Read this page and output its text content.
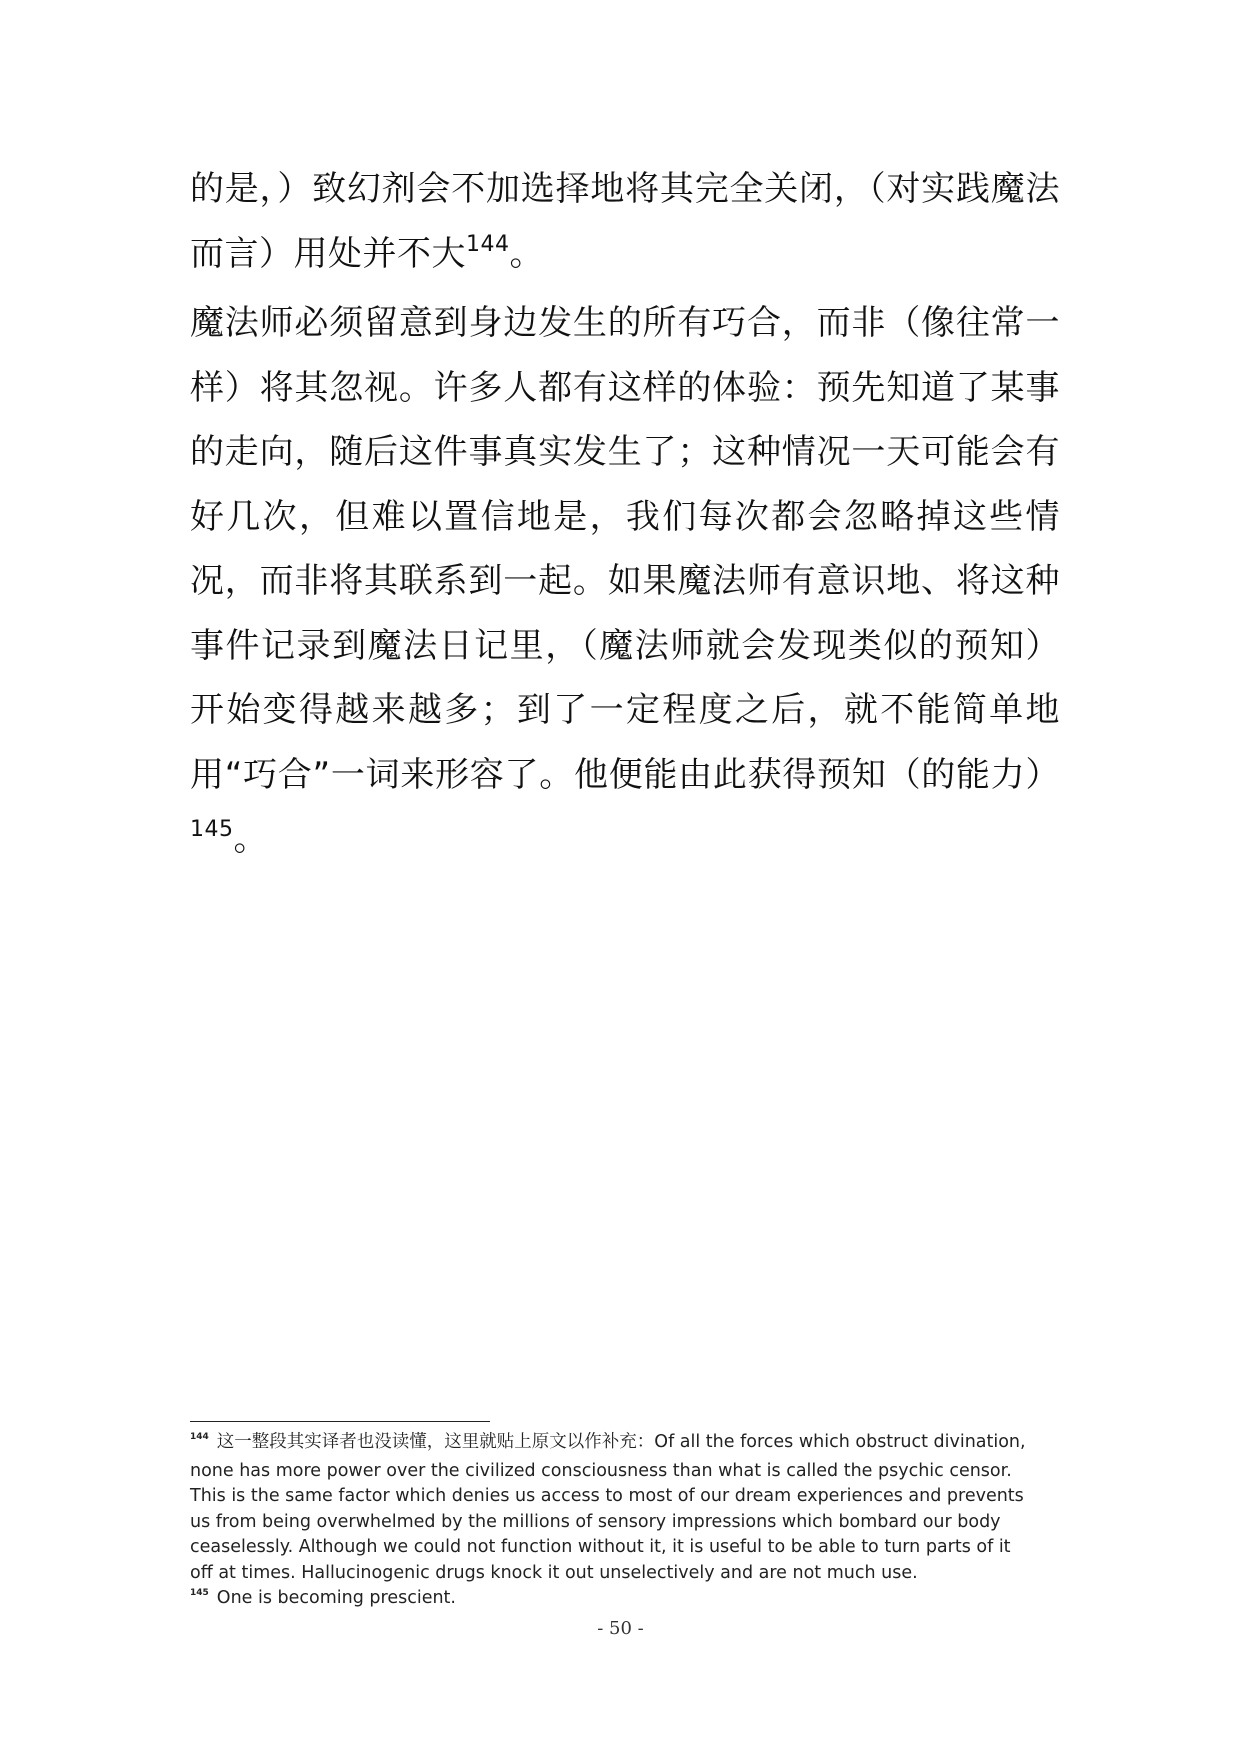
的是，）致幻剂会不加选择地将其完全关闭，（对实践魔法而言）用处并不大$^{144}$。

魔法师必须留意到身边发生的所有巧合，而非（像往常一样）将其忽视。许多人都有这样的体验：预先知道了某事的走向，随后这件事真实发生了；这种情况一天可能会有好几次，但难以置信地是，我们每次都会忽略掉这些情况，而非将其联系到一起。如果魔法师有意识地、将这种事件记录到魔法日记里，（魔法师就会发现类似的预知）开始变得越来越多；到了一定程度之后，就不能简单地用“巧合”一词来形容了。他便能由此获得预知（的能力）$^{145}$。

$^{144}$ 这一整段其实译者也没读懂，这里就贴上原文以作补充：Of all the forces which obstruct divination, none has more power over the civilized consciousness than what is called the psychic censor. This is the same factor which denies us access to most of our dream experiences and prevents us from being overwhelmed by the millions of sensory impressions which bombard our body ceaselessly. Although we could not function without it, it is useful to be able to turn parts of it off at times. Hallucinogenic drugs knock it out unselectively and are not much use.

$^{145}$ One is becoming prescient.

- 50 -
